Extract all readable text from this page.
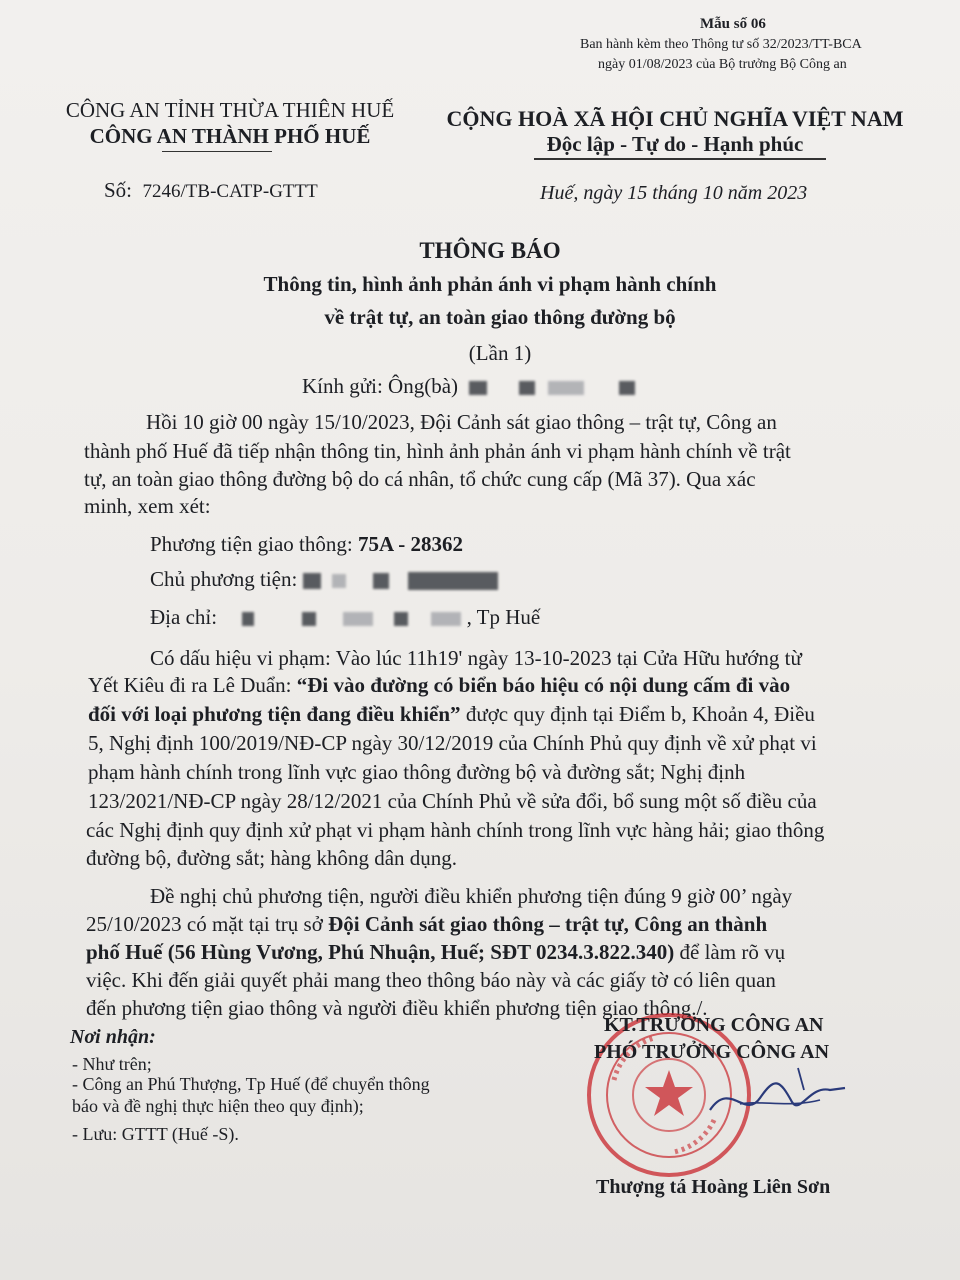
Mẫu số 06
Ban hành kèm theo Thông tư số 32/2023/TT-BCA
ngày 01/08/2023 của Bộ trưởng Bộ Công an
CÔNG AN TỈNH THỪA THIÊN HUẾ
CÔNG AN THÀNH PHỐ HUẾ
Số: 7246/TB-CATP-GTTT
CỘNG HOÀ XÃ HỘI CHỦ NGHĨA VIỆT NAM
Độc lập - Tự do - Hạnh phúc
Huế, ngày 15 tháng 10 năm 2023
THÔNG BÁO
Thông tin, hình ảnh phản ánh vi phạm hành chính
về trật tự, an toàn giao thông đường bộ
(Lần 1)
Kính gửi: Ông(bà)
Hồi 10 giờ 00 ngày 15/10/2023, Đội Cảnh sát giao thông – trật tự, Công an
thành phố Huế đã tiếp nhận thông tin, hình ảnh phản ánh vi phạm hành chính về trật
tự, an toàn giao thông đường bộ do cá nhân, tổ chức cung cấp (Mã 37). Qua xác
minh, xem xét:
Phương tiện giao thông: 75A - 28362
Chủ phương tiện:
Địa chỉ:	, Tp Huế
Có dấu hiệu vi phạm: Vào lúc 11h19' ngày 13-10-2023 tại Cửa Hữu hướng từ
Yết Kiêu đi ra Lê Duẩn: “Đi vào đường có biển báo hiệu có nội dung cấm đi vào
đối với loại phương tiện đang điều khiển” được quy định tại Điểm b, Khoản 4, Điều
5, Nghị định 100/2019/NĐ-CP ngày 30/12/2019 của Chính Phủ quy định về xử phạt vi
phạm hành chính trong lĩnh vực giao thông đường bộ và đường sắt; Nghị định
123/2021/NĐ-CP ngày 28/12/2021 của Chính Phủ về sửa đổi, bổ sung một số điều của
các Nghị định quy định xử phạt vi phạm hành chính trong lĩnh vực hàng hải; giao thông
đường bộ, đường sắt; hàng không dân dụng.
Đề nghị chủ phương tiện, người điều khiển phương tiện đúng 9 giờ 00’ ngày
25/10/2023 có mặt tại trụ sở Đội Cảnh sát giao thông – trật tự, Công an thành
phố Huế (56 Hùng Vương, Phú Nhuận, Huế; SĐT 0234.3.822.340) để làm rõ vụ
việc. Khi đến giải quyết phải mang theo thông báo này và các giấy tờ có liên quan
đến phương tiện giao thông và người điều khiển phương tiện giao thông./.
Nơi nhận:
- Như trên;
- Công an Phú Thượng, Tp Huế (để chuyển thông
báo và đề nghị thực hiện theo quy định);
- Lưu: GTTT (Huế -S).
KT.TRƯỞNG CÔNG AN
PHÓ TRƯỞNG CÔNG AN
Thượng tá Hoàng Liên Sơn
